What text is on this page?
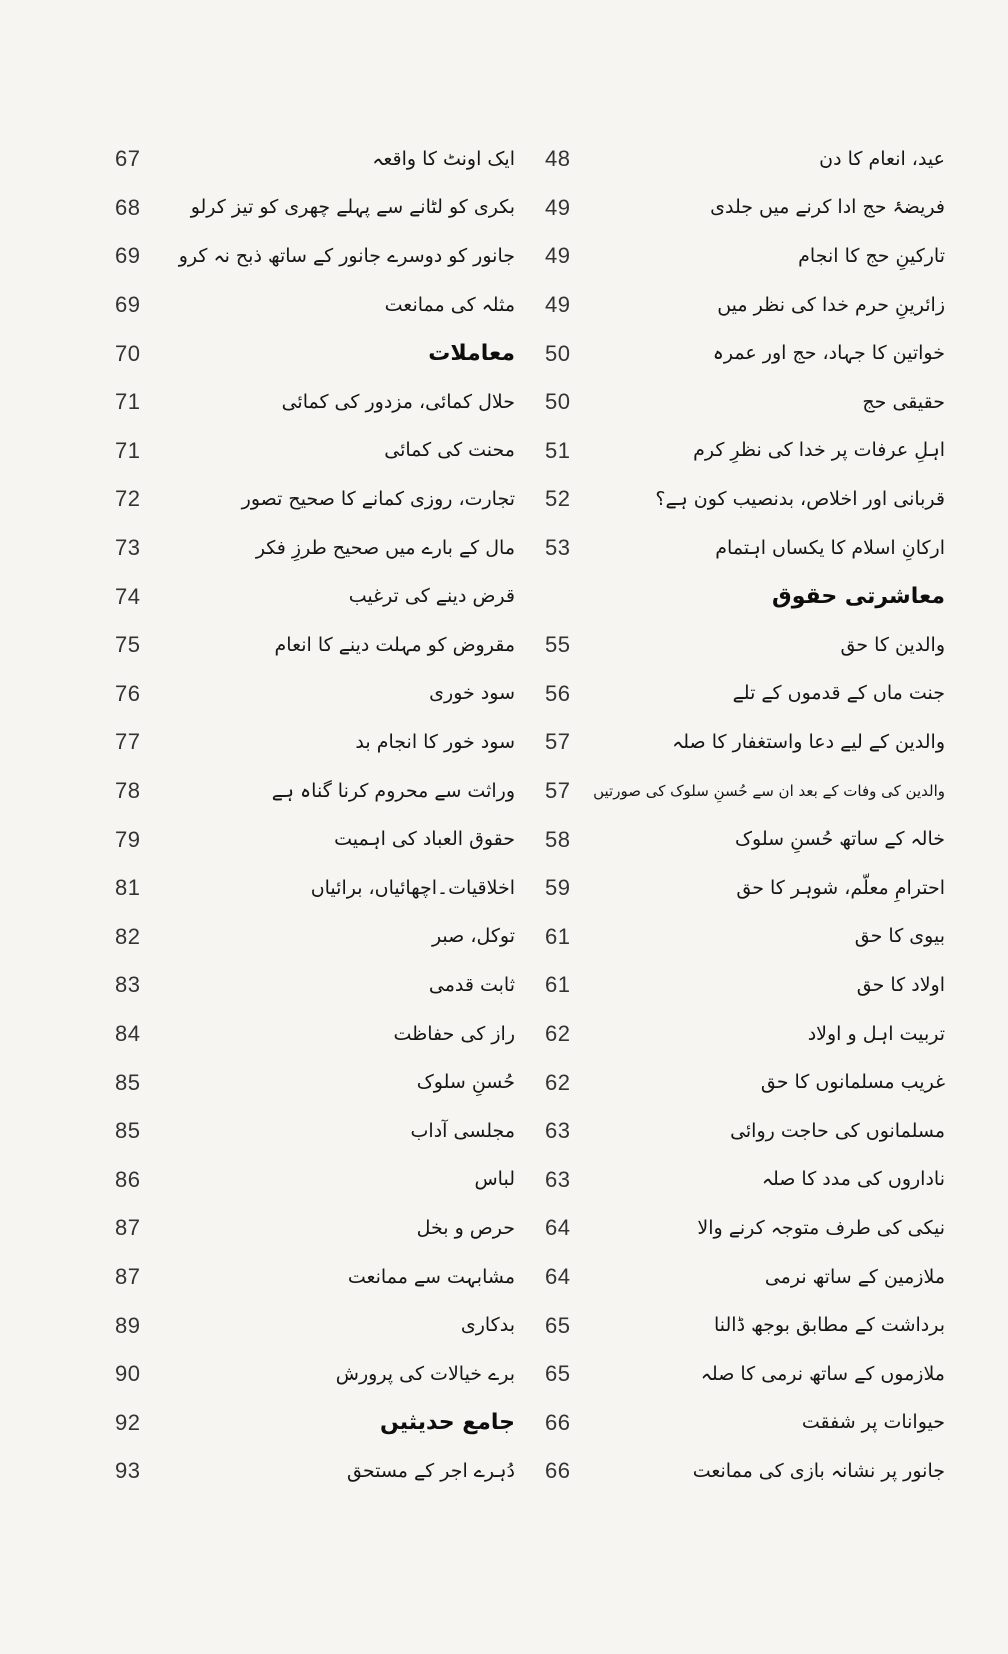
67	ایک اونٹ کا واقعہ
68	بکری کو لٹانے سے پہلے چھری کو تیز کرلو
69	جانور کو دوسرے جانور کے ساتھ ذبح نہ کرو
69	مثلہ کی ممانعت
70	معاملات
71	حلال کمائی، مزدور کی کمائی
71	محنت کی کمائی
72	تجارت، روزی کمانے کا صحیح تصور
73	مال کے بارے میں صحیح طرزِ فکر
74	قرض دینے کی ترغیب
75	مقروض کو مہلت دینے کا انعام
76	سود خوری
77	سود خور کا انجام بد
78	وراثت سے محروم کرنا گناہ ہے
79	حقوق العباد کی اہمیت
81	اخلاقیات۔اچھائیاں، برائیاں
82	توکل، صبر
83	ثابت قدمی
84	راز کی حفاظت
85	حُسنِ سلوک
85	مجلسی آداب
86	لباس
87	حرص و بخل
87	مشابہت سے ممانعت
89	بدکاری
90	برے خیالات کی پرورش
92	جامع حدیثیں
93	دُہرے اجر کے مستحق
48	عید، انعام کا دن
49	فریضۂ حج ادا کرنے میں جلدی
49	تارکینِ حج کا انجام
49	زائرینِ حرم خدا کی نظر میں
50	خواتین کا جہاد، حج اور عمرہ
50	حقیقی حج
51	اہلِ عرفات پر خدا کی نظرِ کرم
52	قربانی اور اخلاص، بدنصیب کون ہے؟
53	ارکانِ اسلام کا یکساں اہتمام
معاشرتی حقوق
55	والدین کا حق
56	جنت ماں کے قدموں کے تلے
57	والدین کے لیے دعا واستغفار کا صلہ
57	والدین کی وفات کے بعد ان سے حُسنِ سلوک کی صورتیں
58	خالہ کے ساتھ حُسنِ سلوک
59	احترامِ معلّم، شوہر کا حق
61	بیوی کا حق
61	اولاد کا حق
62	تربیت اہل و اولاد
62	غریب مسلمانوں کا حق
63	مسلمانوں کی حاجت روائی
63	ناداروں کی مدد کا صلہ
64	نیکی کی طرف متوجہ کرنے والا
64	ملازمین کے ساتھ نرمی
65	برداشت کے مطابق بوجھ ڈالنا
65	ملازموں کے ساتھ نرمی کا صلہ
66	حیوانات پر شفقت
66	جانور پر نشانہ بازی کی ممانعت
